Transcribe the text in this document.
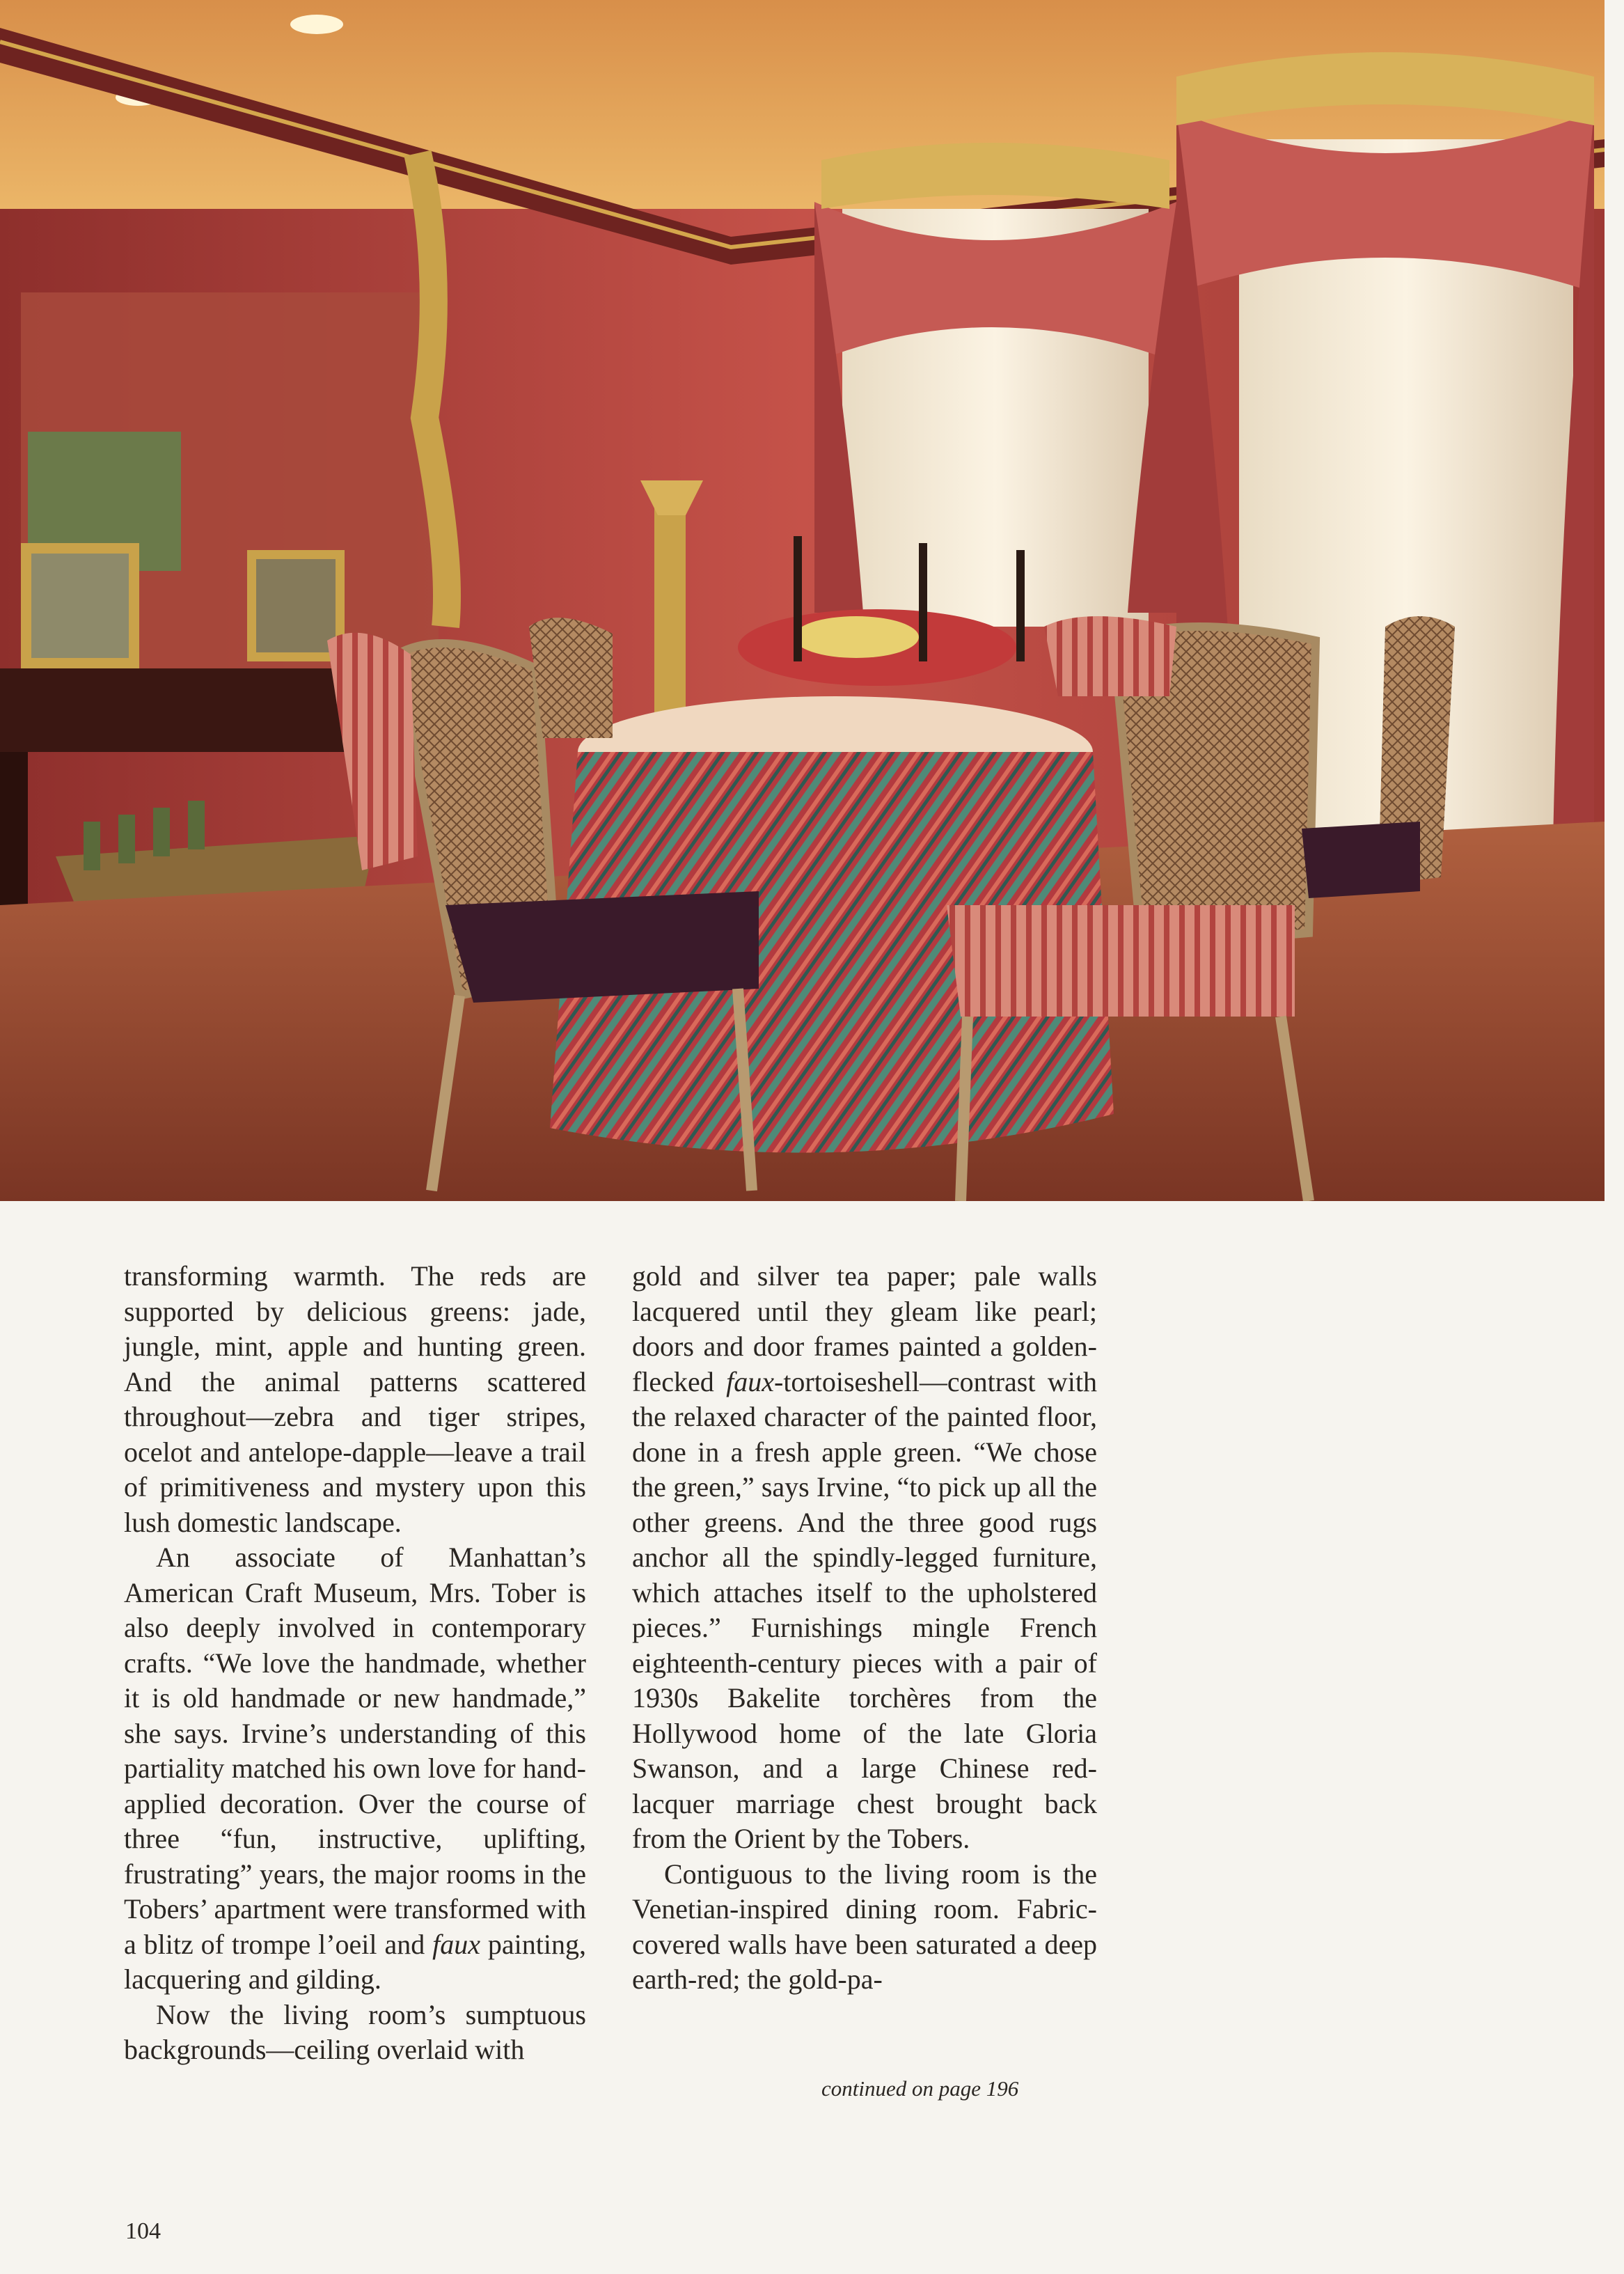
transforming warmth. The reds are supported by delicious greens: jade, jungle, mint, apple and hunting green. And the animal patterns scattered throughout—zebra and tiger stripes, ocelot and antelope-dapple—leave a trail of primitiveness and mystery upon this lush domestic landscape.

An associate of Manhattan’s American Craft Museum, Mrs. Tober is also deeply involved in contemporary crafts. “We love the handmade, whether it is old handmade or new handmade,” she says. Irvine’s understanding of this partiality matched his own love for hand-applied decoration. Over the course of three “fun, instructive, uplifting, frustrating” years, the major rooms in the Tobers’ apartment were transformed with a blitz of trompe l’oeil and faux painting, lacquering and gilding.

Now the living room’s sumptuous backgrounds—ceiling overlaid with

gold and silver tea paper; pale walls lacquered until they gleam like pearl; doors and door frames painted a golden-flecked faux-tortoiseshell—contrast with the relaxed character of the painted floor, done in a fresh apple green. “We chose the green,” says Irvine, “to pick up all the other greens. And the three good rugs anchor all the spindly-legged furniture, which attaches itself to the upholstered pieces.” Furnishings mingle French eighteenth-century pieces with a pair of 1930s Bakelite torchères from the Hollywood home of the late Gloria Swanson, and a large Chinese red-lacquer marriage chest brought back from the Orient by the Tobers.

Contiguous to the living room is the Venetian-inspired dining room. Fabric-covered walls have been saturated a deep earth-red; the gold-pa-

continued on page 196

104
